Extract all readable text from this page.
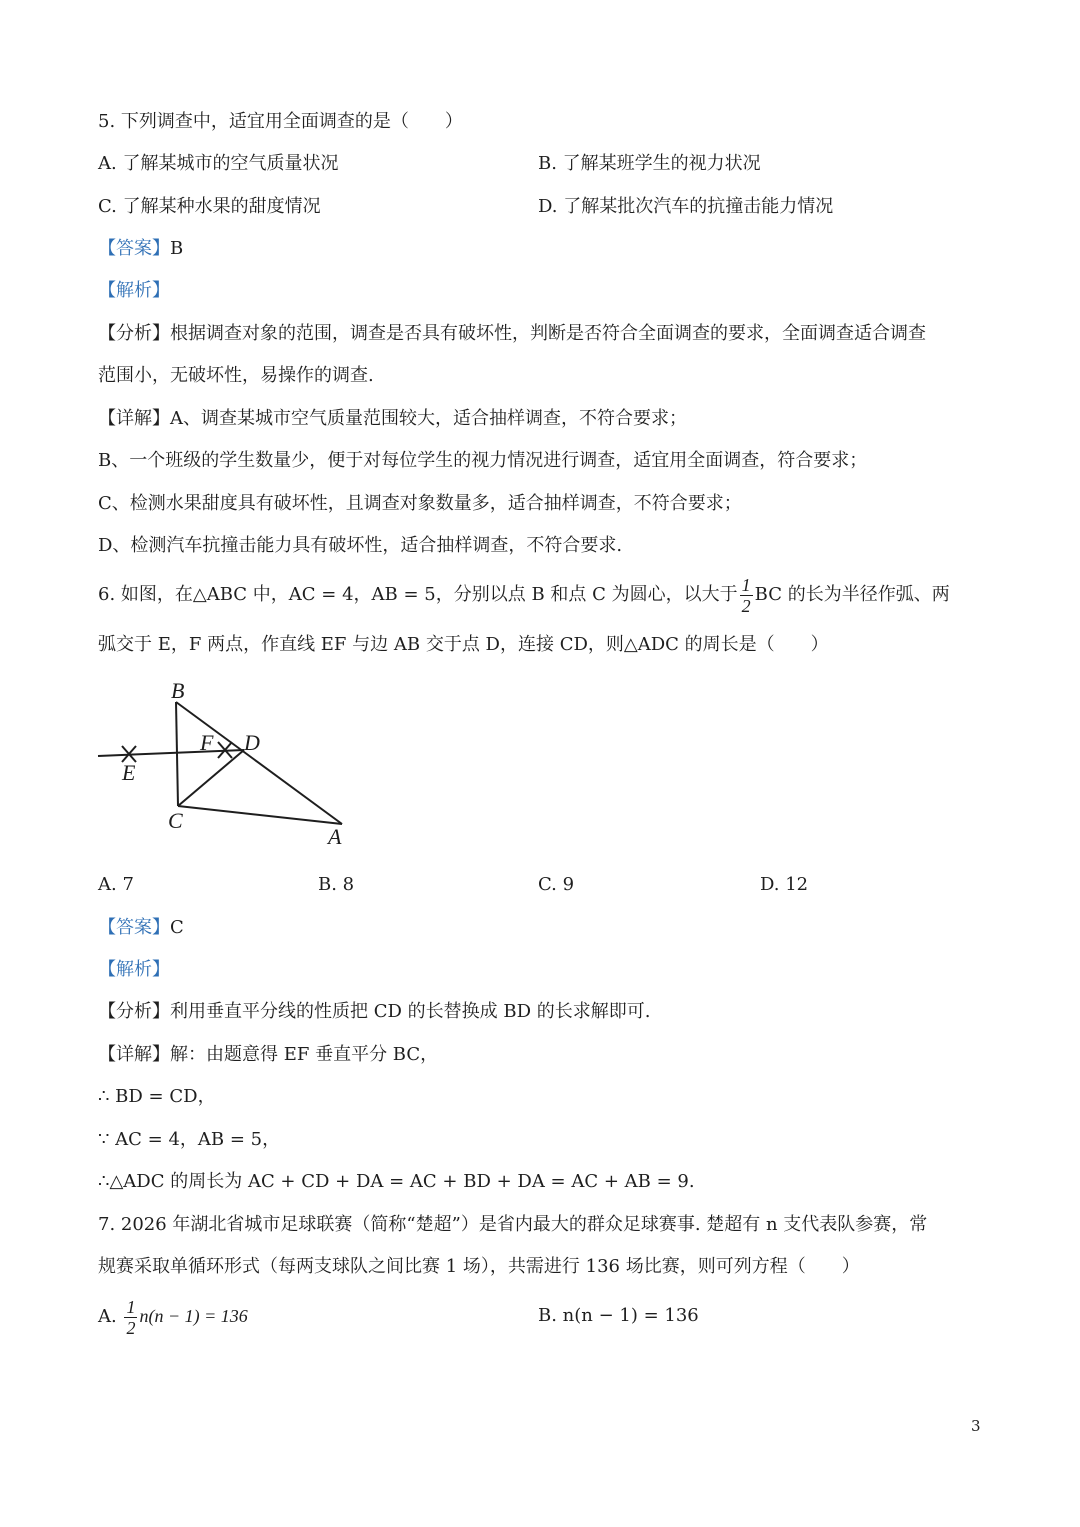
5. 下列调查中，适宜用全面调查的是（　　）
A. 了解某城市的空气质量状况	B. 了解某班学生的视力状况
C. 了解某种水果的甜度情况	D. 了解某批次汽车的抗撞击能力情况
【答案】B
【解析】
【分析】根据调查对象的范围，调查是否具有破坏性，判断是否符合全面调查的要求，全面调查适合调查
范围小，无破坏性，易操作的调查.
【详解】A、调查某城市空气质量范围较大，适合抽样调查，不符合要求；
B、一个班级的学生数量少，便于对每位学生的视力情况进行调查，适宜用全面调查，符合要求；
C、检测水果甜度具有破坏性，且调查对象数量多，适合抽样调查，不符合要求；
D、检测汽车抗撞击能力具有破坏性，适合抽样调查，不符合要求.
6. 如图，在△ABC 中，AC = 4，AB = 5，分别以点 B 和点 C 为圆心，以大于 $\frac{1}{2}$ BC 的长为半径作弧、两
弧交于 E，F 两点，作直线 EF 与边 AB 交于点 D，连接 CD，则△ADC 的周长是（　　）
B
F D
E
C
A
A. 7	B. 8	C. 9	D. 12
【答案】C
【解析】
【分析】利用垂直平分线的性质把 CD 的长替换成 BD 的长求解即可.
【详解】解：由题意得 EF 垂直平分 BC，
∴ BD = CD，
∵ AC = 4，AB = 5，
∴△ADC 的周长为 AC + CD + DA = AC + BD + DA = AC + AB = 9.
7. 2026 年湖北省城市足球联赛（简称“楚超”）是省内最大的群众足球赛事. 楚超有 n 支代表队参赛，常
规赛采取单循环形式（每两支球队之间比赛 1 场），共需进行 136 场比赛，则可列方程（　　）
A. $\frac{1}{2} n(n - 1) = 136$	B. n(n − 1) = 136
3
